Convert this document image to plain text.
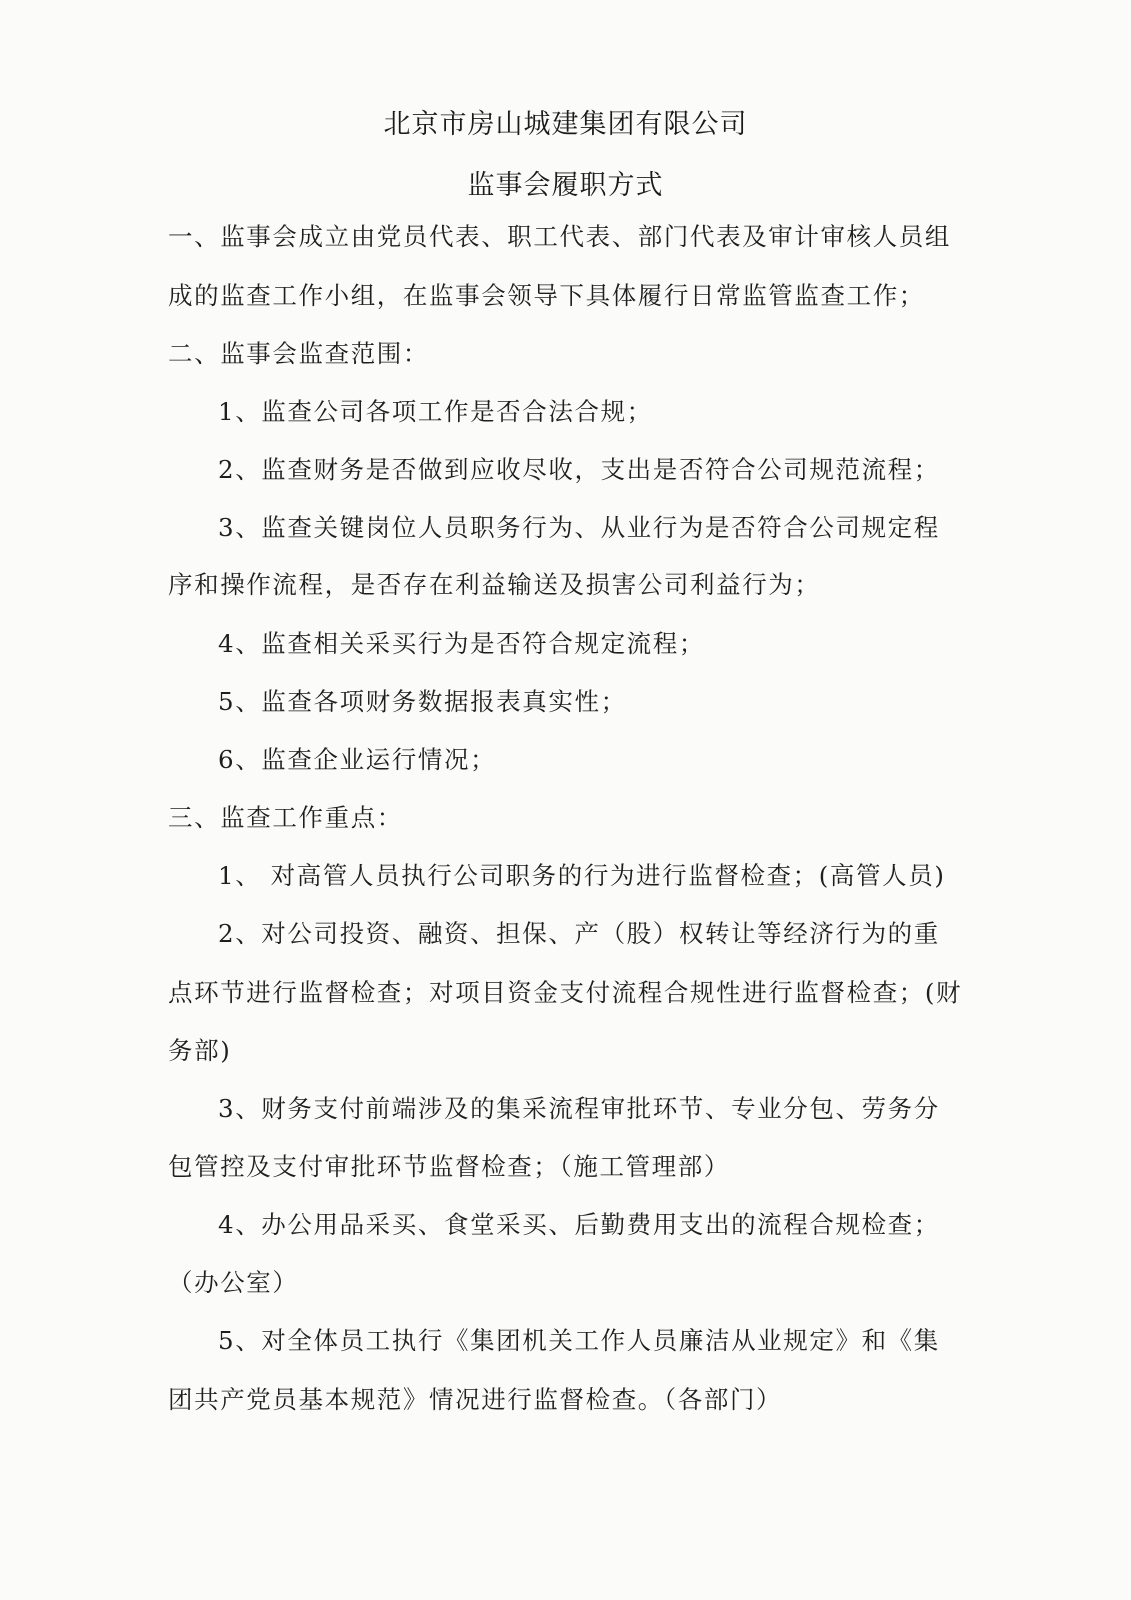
北京市房山城建集团有限公司
监事会履职方式
一、监事会成立由党员代表、职工代表、部门代表及审计审核人员组
成的监查工作小组，在监事会领导下具体履行日常监管监查工作；
二、监事会监查范围：
1、监查公司各项工作是否合法合规；
2、监查财务是否做到应收尽收，支出是否符合公司规范流程；
3、监查关键岗位人员职务行为、从业行为是否符合公司规定程
序和操作流程，是否存在利益输送及损害公司利益行为；
4、监查相关采买行为是否符合规定流程；
5、监查各项财务数据报表真实性；
6、监查企业运行情况；
三、监查工作重点：
1、 对高管人员执行公司职务的行为进行监督检查；(高管人员)
2、对公司投资、融资、担保、产（股）权转让等经济行为的重
点环节进行监督检查；对项目资金支付流程合规性进行监督检查；(财
务部)
3、财务支付前端涉及的集采流程审批环节、专业分包、劳务分
包管控及支付审批环节监督检查；（施工管理部）
4、办公用品采买、食堂采买、后勤费用支出的流程合规检查；
（办公室）
5、对全体员工执行《集团机关工作人员廉洁从业规定》和《集
团共产党员基本规范》情况进行监督检查。（各部门）
